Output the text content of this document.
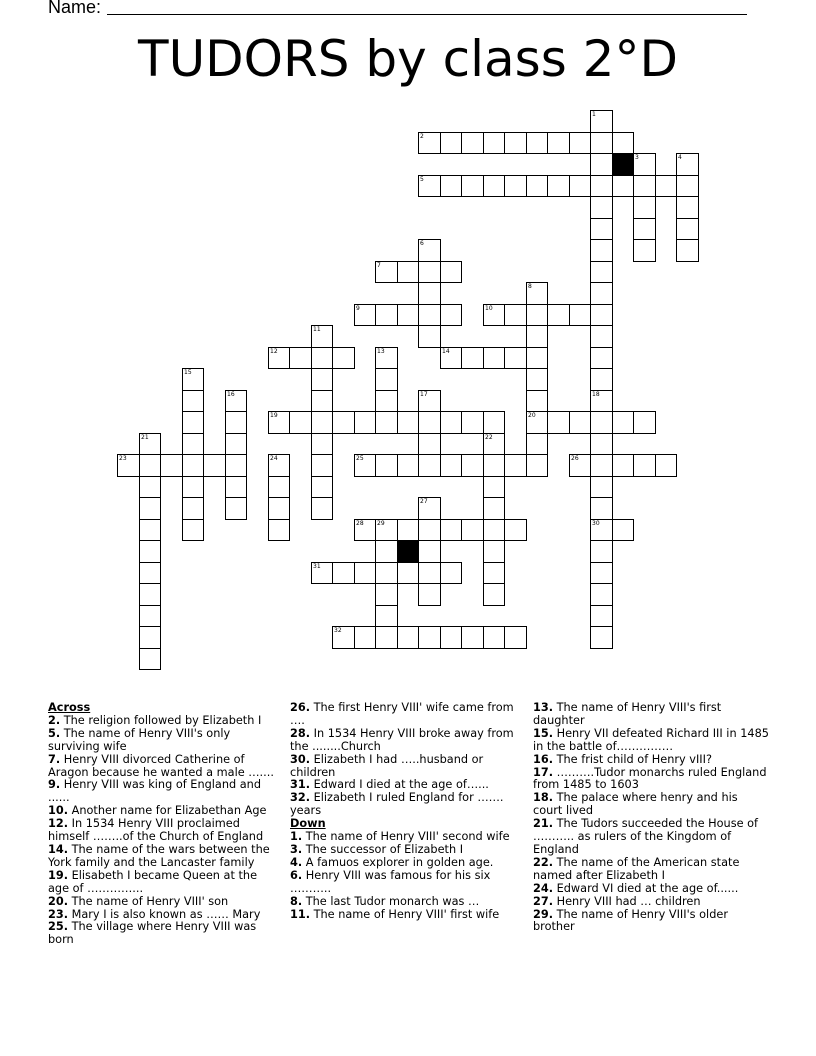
Name:
TUDORS by class 2°D
1
2
3	4
5
6
7
8
9	10
11
12	13	14
15
16	17	18
19	20
21	22
23	24	25	26
27
28 29	30
31
32

Across

2. The religion followed by Elizabeth I

5. The name of Henry VIII's only surviving wife

7. Henry VIII divorced Catherine of Aragon because he wanted a male …....

9. Henry VIII was king of England and ......

10. Another name for Elizabethan Age

12. In 1534 Henry VIII proclaimed himself ……..of the Church of England

14. The name of the wars between the York family and the Lancaster family

19. Elisabeth I became Queen at the age of …………...

20. The name of Henry VIII' son

23. Mary I is also known as …… Mary

25. The village where Henry VIII was born

26. The first Henry VIII' wife came from ….

28. In 1534 Henry VIII broke away from the ........Church

30. Elizabeth I had …..husband or children

31. Edward I died at the age of…...

32. Elizabeth I ruled England for ……. years

Down

1. The name of Henry VIII' second wife

3. The successor of Elizabeth I

4. A famuos explorer in golden age.

6. Henry VIII was famous for his six ………..

8. The last Tudor monarch was …

11. The name of Henry VIII' first wife

13. The name of Henry VIII's first daughter

15. Henry VII defeated Richard III in 1485 in the battle of……………

16. The frist child of Henry vIII?

17. ……….Tudor monarchs ruled England from 1485 to 1603

18. The palace where henry and his court lived

21. The Tudors succeeded the House of ……….. as rulers of the Kingdom of England

22. The name of the American state named after Elizabeth I

24. Edward VI died at the age of......

27. Henry VIII had … children

29. The name of Henry VIII's older brother
